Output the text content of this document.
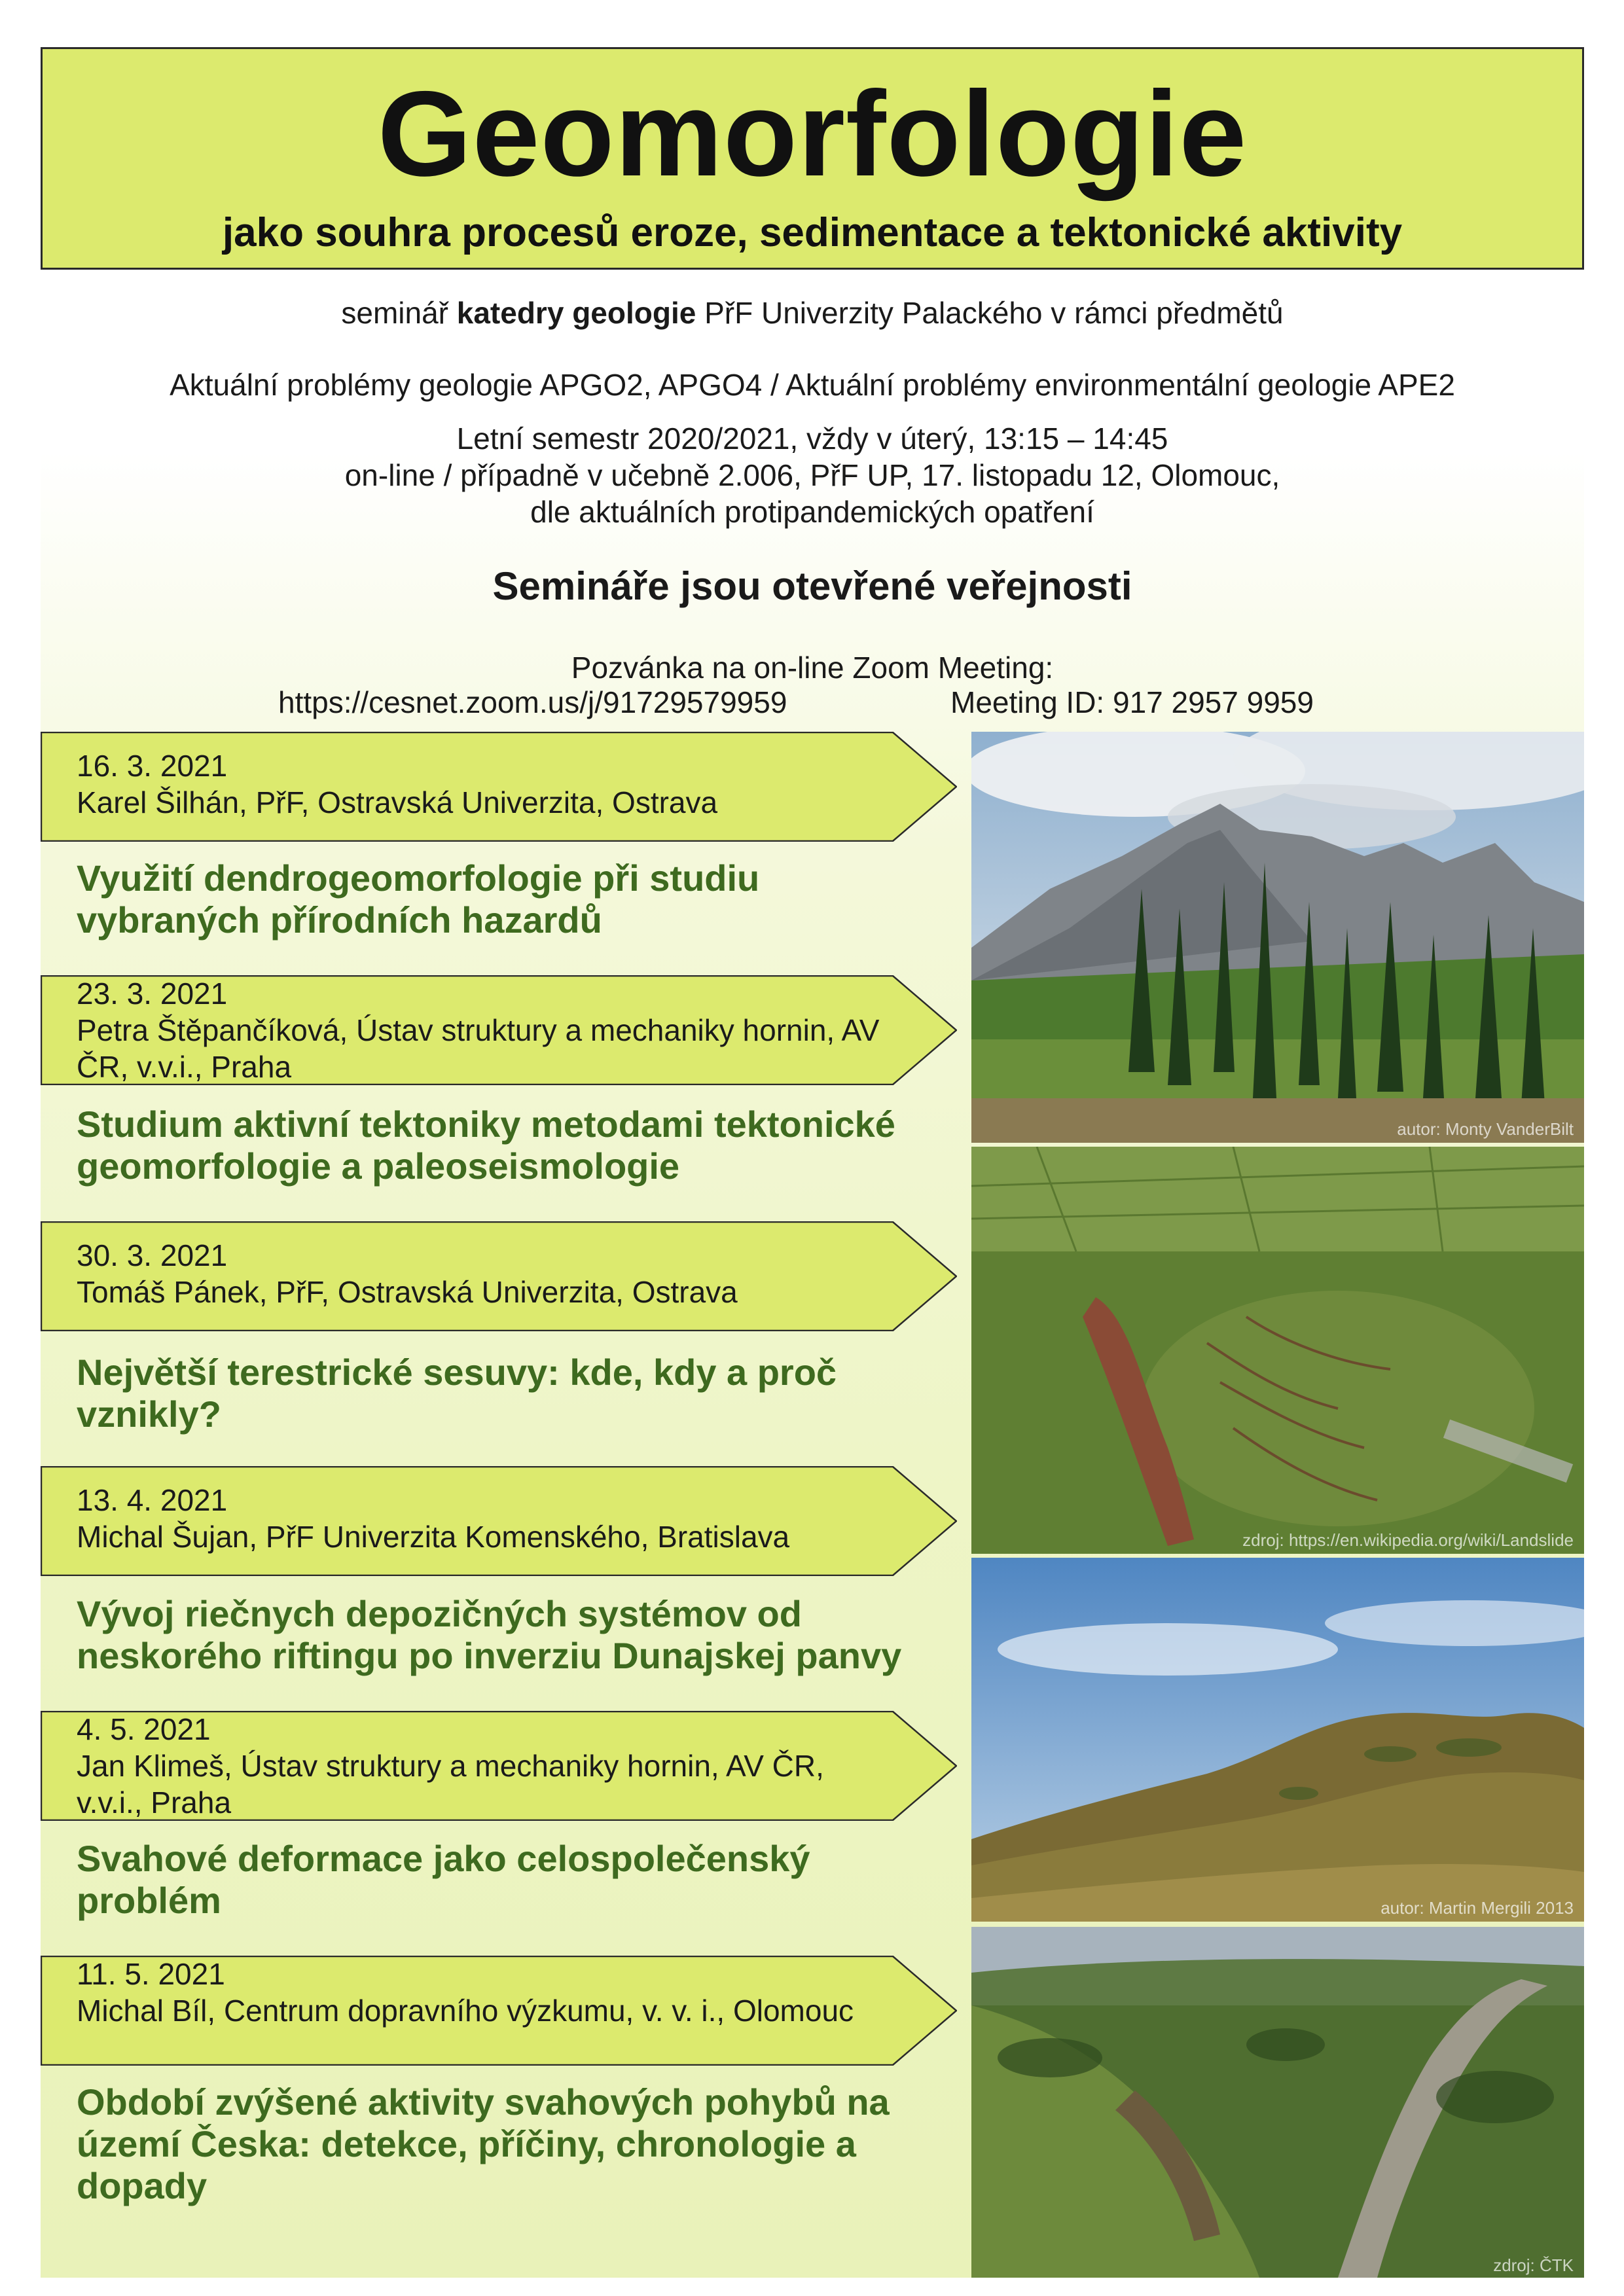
Geomorfologie
jako souhra procesů eroze, sedimentace a tektonické aktivity
seminář katedry geologie PřF Univerzity Palackého v rámci předmětů
Aktuální problémy geologie APGO2, APGO4 / Aktuální problémy environmentální geologie APE2
Letní semestr 2020/2021, vždy v úterý, 13:15 – 14:45
on-line / případně v učebně 2.006, PřF UP, 17. listopadu 12, Olomouc,
dle aktuálních protipandemických opatření
Semináře jsou otevřené veřejnosti
Pozvánka na on-line Zoom Meeting:
https://cesnet.zoom.us/j/91729579959	Meeting ID: 917 2957 9959
16. 3. 2021
Karel Šilhán, PřF, Ostravská Univerzita, Ostrava
Využití dendrogeomorfologie při studiu vybraných přírodních hazardů
23. 3. 2021
Petra Štěpančíková, Ústav struktury a mechaniky hornin, AV ČR, v.v.i., Praha
Studium aktivní tektoniky metodami tektonické geomorfologie a paleoseismologie
30. 3. 2021
Tomáš Pánek, PřF, Ostravská Univerzita, Ostrava
Největší terestrické sesuvy: kde, kdy a proč vznikly?
13. 4. 2021
Michal Šujan, PřF Univerzita Komenského, Bratislava
Vývoj riečnych depozičných systémov od neskorého riftingu po inverziu Dunajskej panvy
4. 5. 2021
Jan Klimeš, Ústav struktury a mechaniky hornin, AV ČR, v.v.i., Praha
Svahové deformace jako celospolečenský problém
11. 5. 2021
Michal Bíl, Centrum dopravního výzkumu, v. v. i., Olomouc
Období zvýšené aktivity svahových pohybů na území Česka: detekce, příčiny, chronologie a dopady
autor: Monty VanderBilt
zdroj: https://en.wikipedia.org/wiki/Landslide
autor: Martin Mergili 2013
zdroj: ČTK
